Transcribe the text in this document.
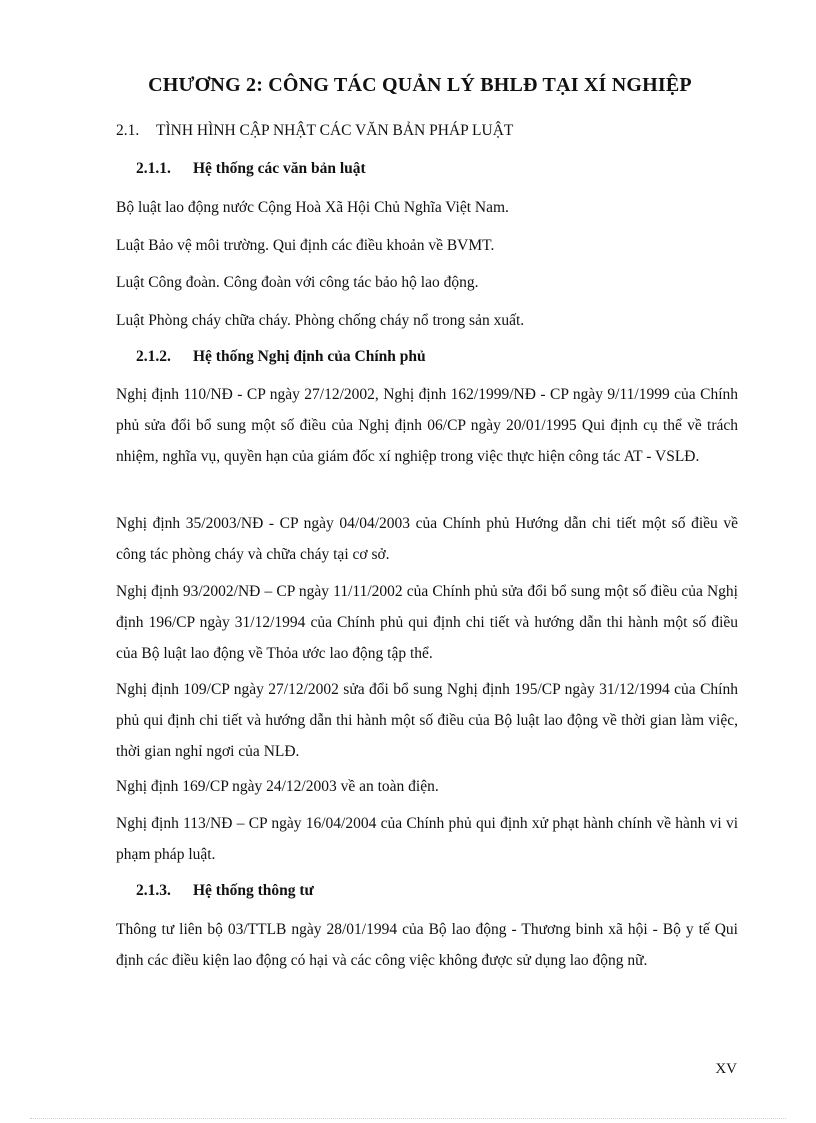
CHƯƠNG 2: CÔNG TÁC QUẢN LÝ BHLĐ TẠI XÍ NGHIỆP

2.1. TÌNH HÌNH CẬP NHẬT CÁC VĂN BẢN PHÁP LUẬT

2.1.1. Hệ thống các văn bản luật

Bộ luật lao động nước Cộng Hoà Xã Hội Chủ Nghĩa Việt Nam.

Luật Bảo vệ môi trường. Qui định các điều khoản về BVMT.

Luật Công đoàn. Công đoàn với công tác bảo hộ lao động.

Luật Phòng cháy chữa cháy. Phòng chống cháy nổ trong sản xuất.

2.1.2. Hệ thống Nghị định của Chính phủ

Nghị định 110/NĐ - CP ngày 27/12/2002, Nghị định 162/1999/NĐ - CP ngày 9/11/1999 của Chính phủ sửa đổi bổ sung một số điều của Nghị định 06/CP ngày 20/01/1995 Qui định cụ thể về trách nhiệm, nghĩa vụ, quyền hạn của giám đốc xí nghiệp trong việc thực hiện công tác AT - VSLĐ.

Nghị định 35/2003/NĐ - CP ngày 04/04/2003 của Chính phủ Hướng dẫn chi tiết một số điều về công tác phòng cháy và chữa cháy tại cơ sở.

Nghị định 93/2002/NĐ – CP ngày 11/11/2002 của Chính phủ sửa đổi bổ sung một số điều của Nghị định 196/CP ngày 31/12/1994 của Chính phủ qui định chi tiết và hướng dẫn thi hành một số điều của Bộ luật lao động về Thỏa ước lao động tập thể.

Nghị định 109/CP ngày 27/12/2002 sửa đổi bổ sung Nghị định 195/CP ngày 31/12/1994 của Chính phủ qui định chi tiết và hướng dẫn thi hành một số điều của Bộ luật lao động về thời gian làm việc, thời gian nghỉ ngơi của NLĐ.

Nghị định 169/CP ngày 24/12/2003 về an toàn điện.

Nghị định 113/NĐ – CP ngày 16/04/2004 của Chính phủ qui định xử phạt hành chính về hành vi vi phạm pháp luật.

2.1.3. Hệ thống thông tư

Thông tư liên bộ 03/TTLB ngày 28/01/1994 của Bộ lao động - Thương binh xã hội - Bộ y tế Qui định các điều kiện lao động có hại và các công việc không được sử dụng lao động nữ.

XV
